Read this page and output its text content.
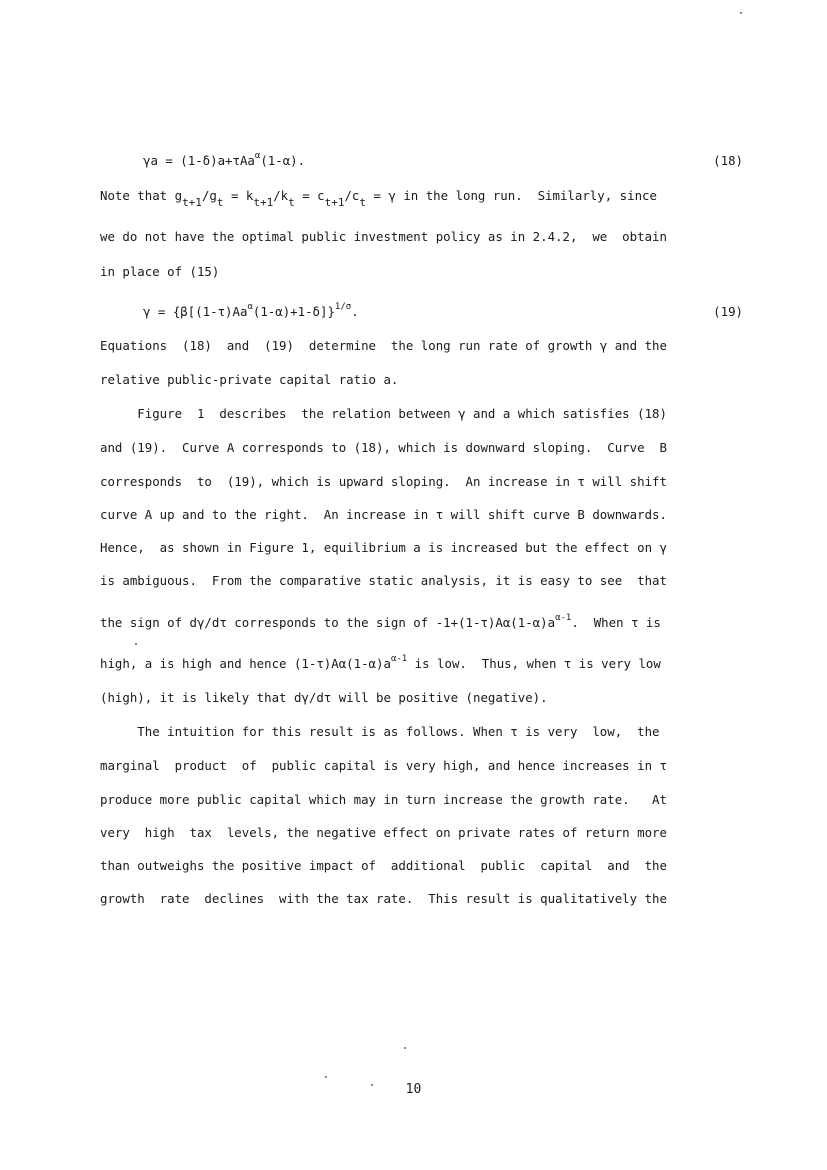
γa = (1-δ)a+τAa$^\alpha$(1-α).	(18)
Note that $g_{t+1}/g_t = k_{t+1}/k_t = c_{t+1}/c_t = \gamma$ in the long run.  Similarly, since
we do not have the optimal public investment policy as in 2.4.2,  we  obtain
in place of (15)
$\gamma = \{\beta[(1-\tau)Aa^\alpha(1-\alpha)+1-\delta]\}^{1/\sigma}$.	(19)
Equations  (18)  and  (19)  determine  the long run rate of growth γ and the
relative public-private capital ratio a.
Figure  1  describes  the relation between γ and a which satisfies (18)
and (19).  Curve A corresponds to (18), which is downward sloping.  Curve  B
corresponds  to  (19), which is upward sloping.  An increase in τ will shift
curve A up and to the right.  An increase in τ will shift curve B downwards.
Hence,  as shown in Figure 1, equilibrium a is increased but the effect on γ
is ambiguous.  From the comparative static analysis, it is easy to see  that
the sign of dγ/dτ corresponds to the sign of $-1+(1-\tau)A\alpha(1-\alpha)a^{\alpha-1}$.  When τ is
high, a is high and hence $(1-\tau)A\alpha(1-\alpha)a^{\alpha-1}$ is low.  Thus, when τ is very low
(high), it is likely that dγ/dτ will be positive (negative).
The intuition for this result is as follows. When τ is very  low,  the
marginal  product  of  public capital is very high, and hence increases in τ
produce more public capital which may in turn increase the growth rate.   At
very  high  tax  levels, the negative effect on private rates of return more
than outweighs the positive impact of  additional  public  capital  and  the
growth  rate  declines  with the tax rate.  This result is qualitatively the
10
